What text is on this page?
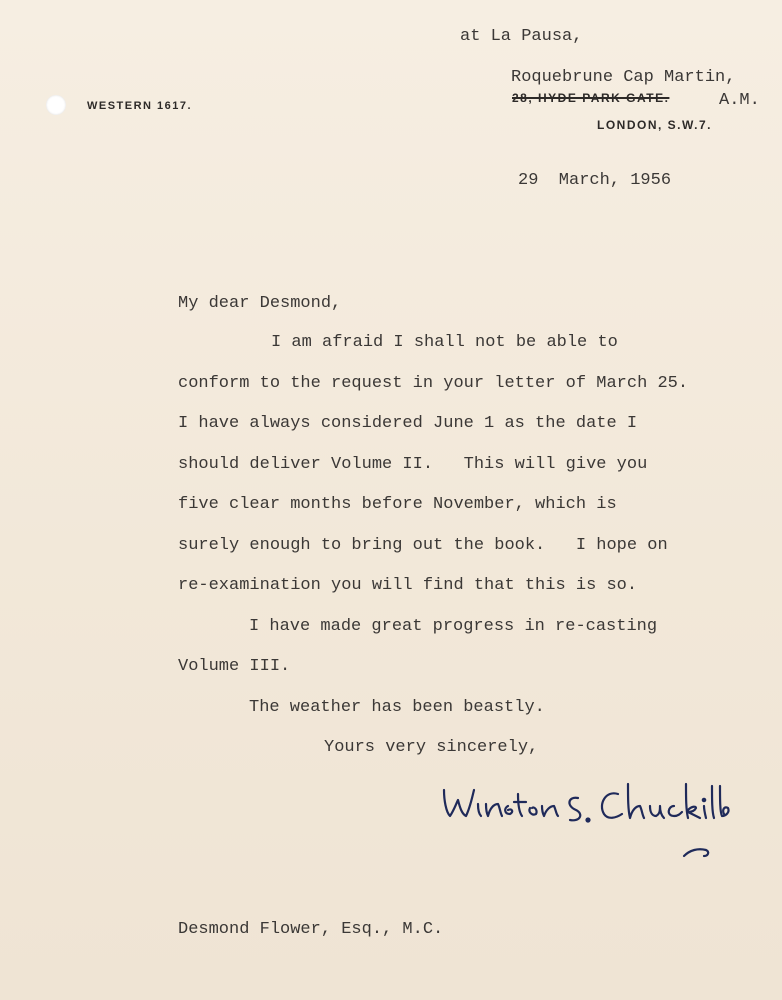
WESTERN 1617.
at La Pausa,
Roquebrune Cap Martin,
28, HYDE PARK GATE.	A.M.
LONDON, S.W.7.
29  March, 1956
My dear Desmond,
I am afraid I shall not be able to
conform to the request in your letter of March 25.
I have always considered June 1 as the date I
should deliver Volume II.   This will give you
five clear months before November, which is
surely enough to bring out the book.   I hope on
re-examination you will find that this is so.
I have made great progress in re-casting
Volume III.
The weather has been beastly.
Yours very sincerely,
Desmond Flower, Esq., M.C.
